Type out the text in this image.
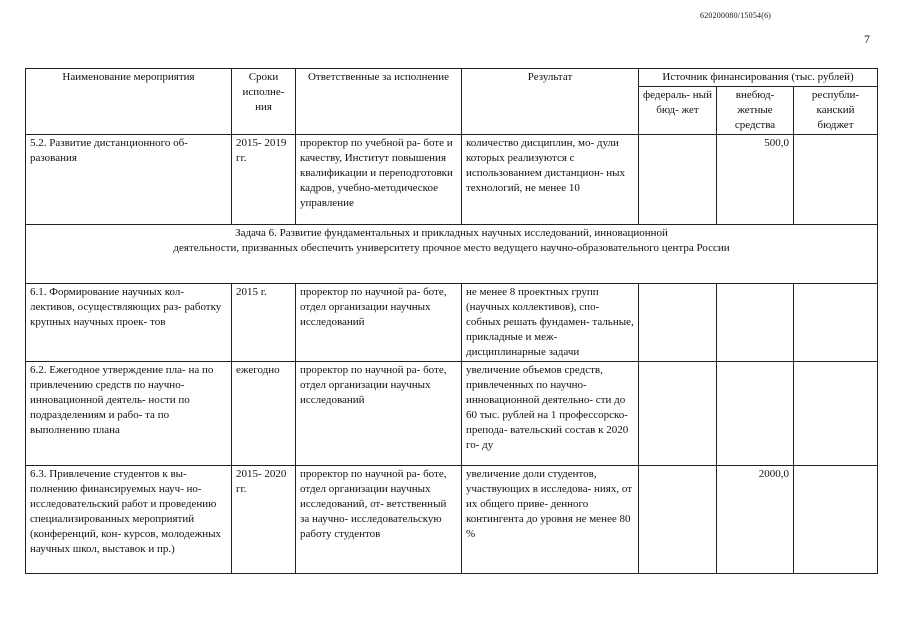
620200080/15054(6)
7
Наименование мероприятия	Сроки исполне- ния	Ответственные за исполнение	Результат	Источник финансирования (тыс. рублей)		
				федераль- ный бюд- жет	внебюд- жетные средства	республи- канский бюджет
5.2. Развитие дистанционного об- разования	2015- 2019 гг.	проректор по учебной ра- боте и качеству, Институт повышения квалификации и переподготовки кадров, учебно-методическое управление	количество дисциплин, мо- дули которых реализуются с использованием дистанцион- ных технологий, не менее 10		500,0	

Задача 6. Развитие фундаментальных и прикладных научных исследований, инновационной
деятельности, призванных обеспечить университету прочное место ведущего научно-образовательного центра России						

6.1. Формирование научных кол- лективов, осуществляющих раз- работку крупных научных проек- тов	2015 г.	проректор по научной ра- боте, отдел организации научных исследований	не менее 8 проектных групп (научных коллективов), спо- собных решать фундамен- тальные, прикладные и меж- дисциплинарные задачи			
6.2. Ежегодное утверждение пла- на по привлечению средств по научно-инновационной деятель- ности по подразделениям и рабо- та по выполнению плана	ежегодно	проректор по научной ра- боте, отдел организации научных исследований	увеличение объемов средств, привлеченных по научно- инновационной деятельно- сти до 60 тыс. рублей на 1 профессорско-препода- вательский состав к 2020 го- ду			
6.3. Привлечение студентов к вы- полнению финансируемых науч- но-исследовательский работ и проведению специализированных мероприятий (конференций, кон- курсов, молодежных научных школ, выставок и пр.)	2015- 2020 гг.	проректор по научной ра- боте, отдел организации научных исследований, от- ветственный за научно- исследовательскую работу студентов	увеличение доли студентов, участвующих в исследова- ниях, от их общего приве- денного контингента до уровня не менее 80 %		2000,0	
